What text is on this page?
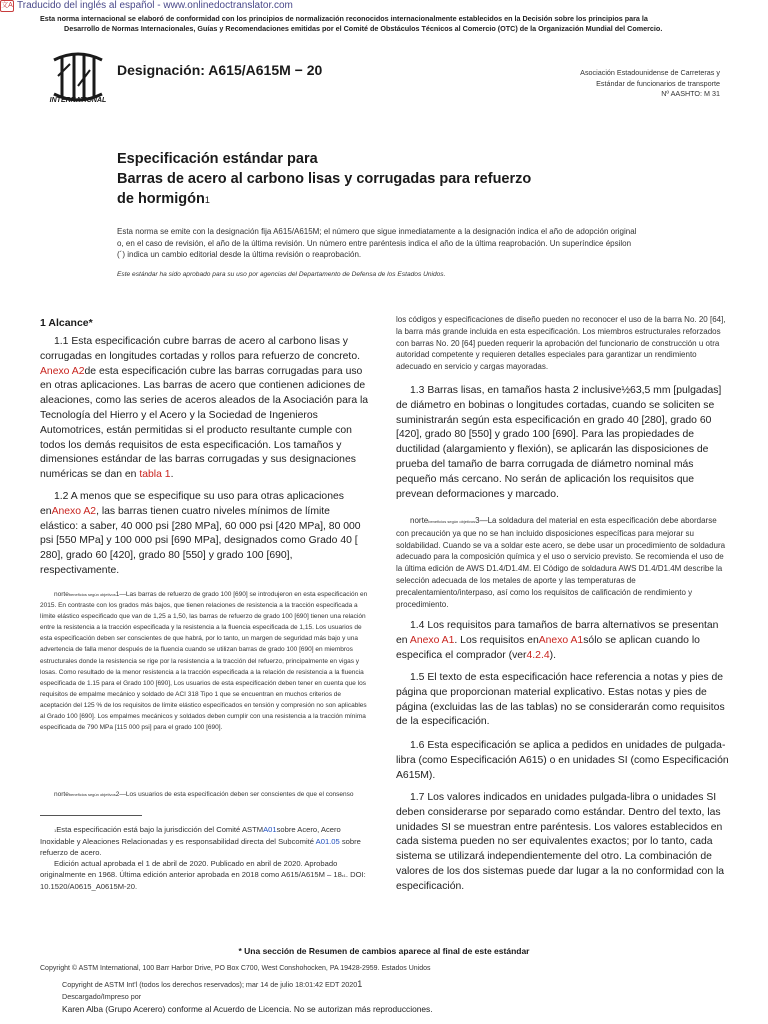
文A Traducido del inglés al español - www.onlinedoctranslator.com
Esta norma internacional se elaboró de conformidad con los principios de normalización reconocidos internacionalmente establecidos en la Decisión sobre los principios para la
Desarrollo de Normas Internacionales, Guías y Recomendaciones emitidas por el Comité de Obstáculos Técnicos al Comercio (OTC) de la Organización Mundial del Comercio.
INTERNATIONAL
Designación: A615/A615M − 20	Asociación Estadounidense de Carreteras y
Estándar de funcionarios de transporte
Nº AASHTO: M 31
Especificación estándar para
Barras de acero al carbono lisas y corrugadas para refuerzo
de hormigón1
Esta norma se emite con la designación fija A615/A615M; el número que sigue inmediatamente a la designación indica el año de adopción original o, en el caso de revisión, el año de la última revisión. Un número entre paréntesis indica el año de la última reaprobación. Un superíndice épsilon (´) indica un cambio editorial desde la última revisión o reaprobación.
Este estándar ha sido aprobado para su uso por agencias del Departamento de Defensa de los Estados Unidos.
1 Alcance*
1.1 Esta especificación cubre barras de acero al carbono lisas y corrugadas en longitudes cortadas y rollos para refuerzo de concreto. Anexo A2de esta especificación cubre las barras corrugadas para uso en otras aplicaciones. Las barras de acero que contienen adiciones de aleaciones, como las series de aceros aleados de la Asociación para la Tecnología del Hierro y el Acero y la Sociedad de Ingenieros Automotrices, están permitidas si el producto resultante cumple con todos los demás requisitos de esta especificación. Los tamaños y dimensiones estándar de las barras corrugadas y sus designaciones numéricas se dan en tabla 1.
1.2 A menos que se especifique su uso para otras aplicaciones enAnexo A2, las barras tienen cuatro niveles mínimos de límite elástico: a saber, 40 000 psi [280 MPa], 60 000 psi [420 MPa], 80 000 psi [550 MPa] y 100 000 psi [690 MPa], designados como Grado 40 [ 280], grado 60 [420], grado 80 [550] y grado 100 [690], respectivamente.
nortebeneficios según objetivos1—Las barras de refuerzo de grado 100 [690] se introdujeron en esta especificación en 2015. En contraste con los grados más bajos, que tienen relaciones de resistencia a la tracción especificada a límite elástico especificado que van de 1,25 a 1,50, las barras de refuerzo de grado 100 [690] tienen una relación entre la resistencia a la tracción especificada y la resistencia a la fluencia especificada de 1,15. Los usuarios de esta especificación deben ser conscientes de que habrá, por lo tanto, un margen de seguridad más bajo y una advertencia de falla menor después de la fluencia cuando se utilizan barras de grado 100 [690] en miembros estructurales donde la resistencia se rige por la resistencia a la tracción del refuerzo, principalmente en vigas y losas. Como resultado de la menor resistencia a la tracción especificada a la relación de resistencia a la fluencia especificada de 1.15 para el Grado 100 [690], Los usuarios de esta especificación deben tener en cuenta que los requisitos de empalme mecánico y soldado de ACI 318 Tipo 1 que se encuentran en muchos criterios de aceptación del 125 % de los requisitos de límite elástico especificados en tensión y compresión no son aplicables al Grado 100 [690]. Los empalmes mecánicos y soldados deben cumplir con una resistencia a la tracción mínima especificada de 790 MPa [115 000 psi] para el grado 100 [690].
nortebeneficios según objetivos2—Los usuarios de esta especificación deben ser conscientes de que el consenso
1Esta especificación está bajo la jurisdicción del Comité ASTMA01sobre Acero, Acero Inoxidable y Aleaciones Relacionadas y es responsabilidad directa del Subcomité A01.05 sobre refuerzo de acero.
Edición actual aprobada el 1 de abril de 2020. Publicado en abril de 2020. Aprobado originalmente en 1968. Última edición anterior aprobada en 2018 como A615/A615M – 18ε1. DOI: 10.1520/A0615_A0615M-20.
los códigos y especificaciones de diseño pueden no reconocer el uso de la barra No. 20 [64], la barra más grande incluida en esta especificación. Los miembros estructurales reforzados con barras No. 20 [64] pueden requerir la aprobación del funcionario de construcción u otra autoridad competente y requieren detalles especiales para garantizar un rendimiento adecuado en servicio y cargas mayoradas.
1.3 Barras lisas, en tamaños hasta 2 inclusive½63,5 mm [pulgadas] de diámetro en bobinas o longitudes cortadas, cuando se soliciten se suministrarán según esta especificación en grado 40 [280], grado 60 [420], grado 80 [550] y grado 100 [690]. Para las propiedades de ductilidad (alargamiento y flexión), se aplicarán las disposiciones de prueba del tamaño de barra corrugada de diámetro nominal más pequeño más cercano. No serán de aplicación los requisitos que prevean deformaciones y marcado.
nortebeneficios según objetivos3—La soldadura del material en esta especificación debe abordarse con precaución ya que no se han incluido disposiciones específicas para mejorar su soldabilidad. Cuando se va a soldar este acero, se debe usar un procedimiento de soldadura adecuado para la composición química y el uso o servicio previsto. Se recomienda el uso de la última edición de AWS D1.4/D1.4M. El Código de soldadura AWS D1.4/D1.4M describe la selección adecuada de los metales de aporte y las temperaturas de precalentamiento/interpaso, así como los requisitos de calificación de rendimiento y procedimiento.
1.4 Los requisitos para tamaños de barra alternativos se presentan en Anexo A1. Los requisitos enAnexo A1sólo se aplican cuando lo especifica el comprador (ver4.2.4).
1.5 El texto de esta especificación hace referencia a notas y pies de página que proporcionan material explicativo. Estas notas y pies de página (excluidas las de las tablas) no se considerarán como requisitos de la especificación.
1.6 Esta especificación se aplica a pedidos en unidades de pulgada-libra (como Especificación A615) o en unidades SI (como Especificación A615M).
1.7 Los valores indicados en unidades pulgada-libra o unidades SI deben considerarse por separado como estándar. Dentro del texto, las unidades SI se muestran entre paréntesis. Los valores establecidos en cada sistema pueden no ser equivalentes exactos; por lo tanto, cada sistema se utilizará independientemente del otro. La combinación de valores de los dos sistemas puede dar lugar a la no conformidad con la especificación.
* Una sección de Resumen de cambios aparece al final de este estándar
Copyright © ASTM International, 100 Barr Harbor Drive, PO Box C700, West Conshohocken, PA 19428-2959. Estados Unidos
Copyright de ASTM Int'l (todos los derechos reservados); mar 14 de julio 18:01:42 EDT 20201
Descargado/Impreso por
Karen Alba (Grupo Acerero) conforme al Acuerdo de Licencia. No se autorizan más reproducciones.
